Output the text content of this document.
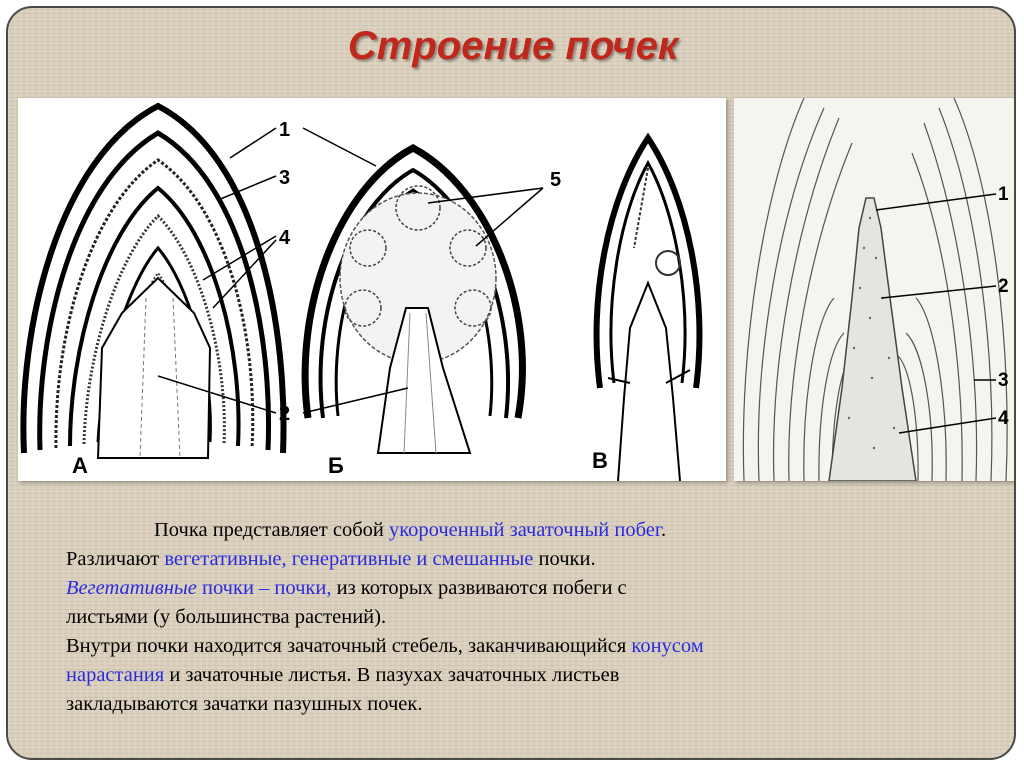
Строение почек
1
2
3
4
5
А	Б	В
1
2
3
4

Почка представляет собой укороченный зачаточный побег.

Различают вегетативные, генеративные и смешанные почки.

Вегетативные почки – почки, из которых развиваются побеги с

листьями (у большинства растений).

Внутри почки находится зачаточный стебель, заканчивающийся конусом

нарастания и зачаточные листья. В пазухах зачаточных листьев

закладываются зачатки пазушных почек.
